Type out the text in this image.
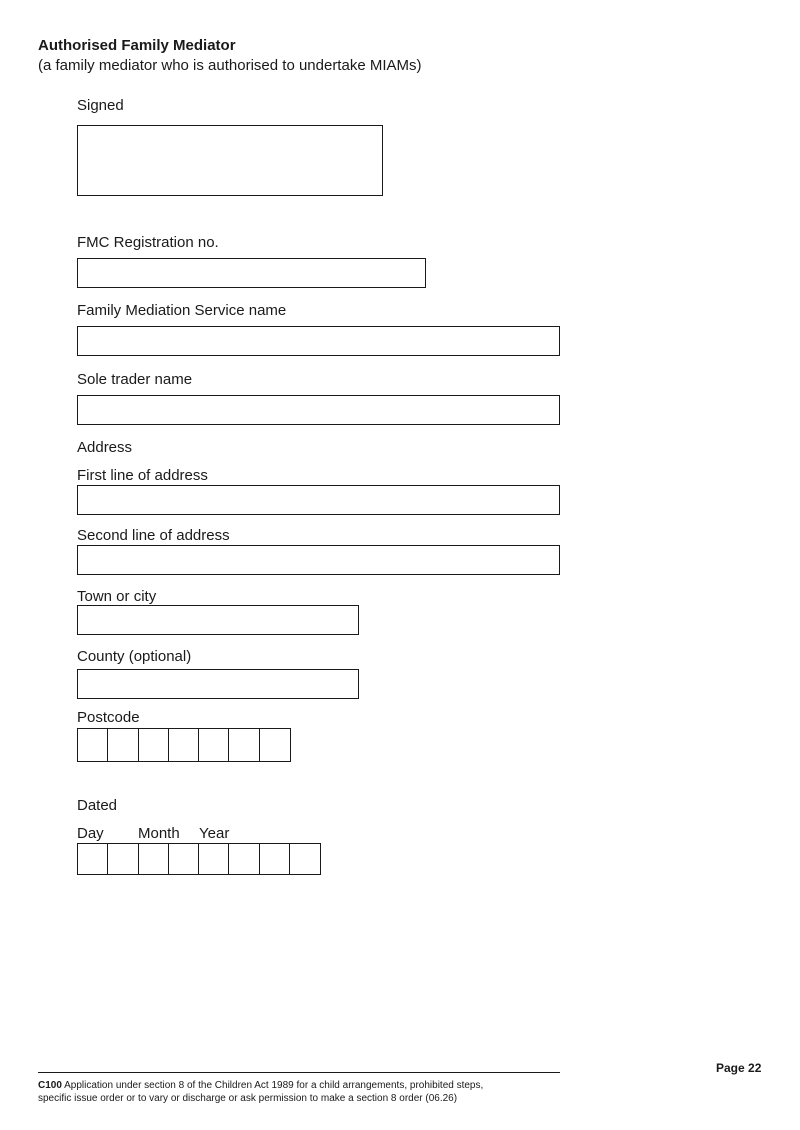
Authorised Family Mediator
(a family mediator who is authorised to undertake MIAMs)
Signed
FMC Registration no.
Family Mediation Service name
Sole trader name
Address
First line of address
Second line of address
Town or city
County (optional)
Postcode
Dated
Day Month Year
Page 22
C100 Application under section 8 of the Children Act 1989 for a child arrangements, prohibited steps,
specific issue order or to vary or discharge or ask permission to make a section 8 order (06.26)
